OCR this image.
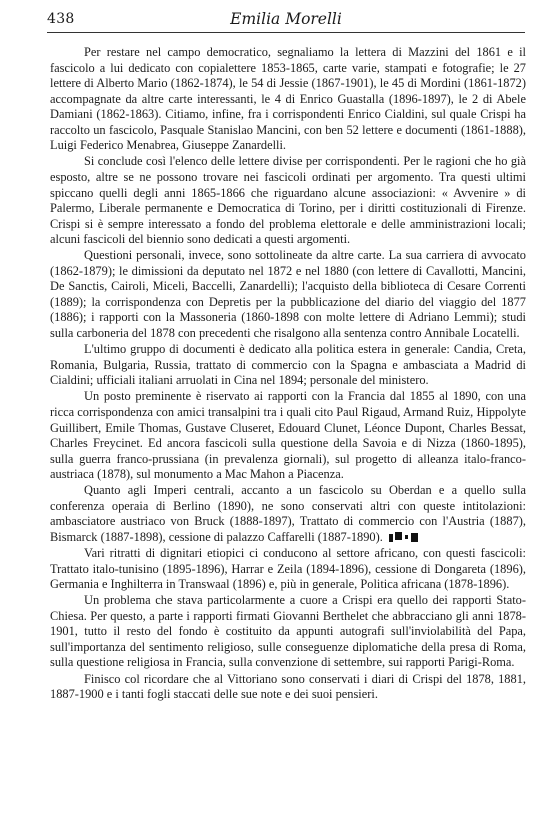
438	Emilia Morelli

Per restare nel campo democratico, segnaliamo la lettera di Mazzini del 1861 e il fascicolo a lui dedicato con copialettere 1853-1865, carte varie, stampati e fotografie; le 27 lettere di Alberto Mario (1862-1874), le 54 di Jessie (1867-1901), le 45 di Mordini (1861-1872) accompagnate da altre carte interessanti, le 4 di Enrico Guastalla (1896-1897), le 2 di Abele Damiani (1862-1863). Citiamo, infine, fra i corrispondenti Enrico Cialdini, sul quale Crispi ha raccolto un fascicolo, Pasquale Stanislao Mancini, con ben 52 lettere e documenti (1861-1888), Luigi Federico Menabrea, Giuseppe Zanardelli.

Si conclude così l'elenco delle lettere divise per corrispondenti. Per le ragioni che ho già esposto, altre se ne possono trovare nei fascicoli ordinati per argomento. Tra questi ultimi spiccano quelli degli anni 1865-1866 che riguardano alcune associazioni: « Avvenire » di Palermo, Liberale permanente e Democratica di Torino, per i diritti costituzionali di Firenze. Crispi si è sempre interessato a fondo del problema elettorale e delle amministrazioni locali; alcuni fascicoli del biennio sono dedicati a questi argomenti.

Questioni personali, invece, sono sottolineate da altre carte. La sua carriera di avvocato (1862-1879); le dimissioni da deputato nel 1872 e nel 1880 (con lettere di Cavallotti, Mancini, De Sanctis, Cairoli, Miceli, Baccelli, Zanardelli); l'acquisto della biblioteca di Cesare Correnti (1889); la corrispondenza con Depretis per la pubblicazione del diario del viaggio del 1877 (1886); i rapporti con la Massoneria (1860-1898 con molte lettere di Adriano Lemmi); studi sulla carboneria del 1878 con precedenti che risalgono alla sentenza contro Annibale Locatelli.

L'ultimo gruppo di documenti è dedicato alla politica estera in generale: Candia, Creta, Romania, Bulgaria, Russia, trattato di commercio con la Spagna e ambasciata a Madrid di Cialdini; ufficiali italiani arruolati in Cina nel 1894; personale del ministero.

Un posto preminente è riservato ai rapporti con la Francia dal 1855 al 1890, con una ricca corrispondenza con amici transalpini tra i quali cito Paul Rigaud, Armand Ruiz, Hippolyte Guillibert, Emile Thomas, Gustave Cluseret, Edouard Clunet, Léonce Dupont, Charles Bessat, Charles Freycinet. Ed ancora fascicoli sulla questione della Savoia e di Nizza (1860-1895), sulla guerra franco-prussiana (in prevalenza giornali), sul progetto di alleanza italo-franco-austriaca (1878), sul monumento a Mac Mahon a Piacenza.

Quanto agli Imperi centrali, accanto a un fascicolo su Oberdan e a quello sulla conferenza operaia di Berlino (1890), ne sono conservati altri con queste intitolazioni: ambasciatore austriaco von Bruck (1888-1897), Trattato di commercio con l'Austria (1887), Bismarck (1887-1898), cessione di palazzo Caffarelli (1887-1890).

Vari ritratti di dignitari etiopici ci conducono al settore africano, con questi fascicoli: Trattato italo-tunisino (1895-1896), Harrar e Zeila (1894-1896), cessione di Dongareta (1896), Germania e Inghilterra in Transwaal (1896) e, più in generale, Politica africana (1878-1896).

Un problema che stava particolarmente a cuore a Crispi era quello dei rapporti Stato-Chiesa. Per questo, a parte i rapporti firmati Giovanni Berthelet che abbracciano gli anni 1878-1901, tutto il resto del fondo è costituito da appunti autografi sull'inviolabilità del Papa, sull'importanza del sentimento religioso, sulle conseguenze diplomatiche della presa di Roma, sulla questione religiosa in Francia, sulla convenzione di settembre, sui rapporti Parigi-Roma.

Finisco col ricordare che al Vittoriano sono conservati i diari di Crispi del 1878, 1881, 1887-1900 e i tanti fogli staccati delle sue note e dei suoi pensieri.
